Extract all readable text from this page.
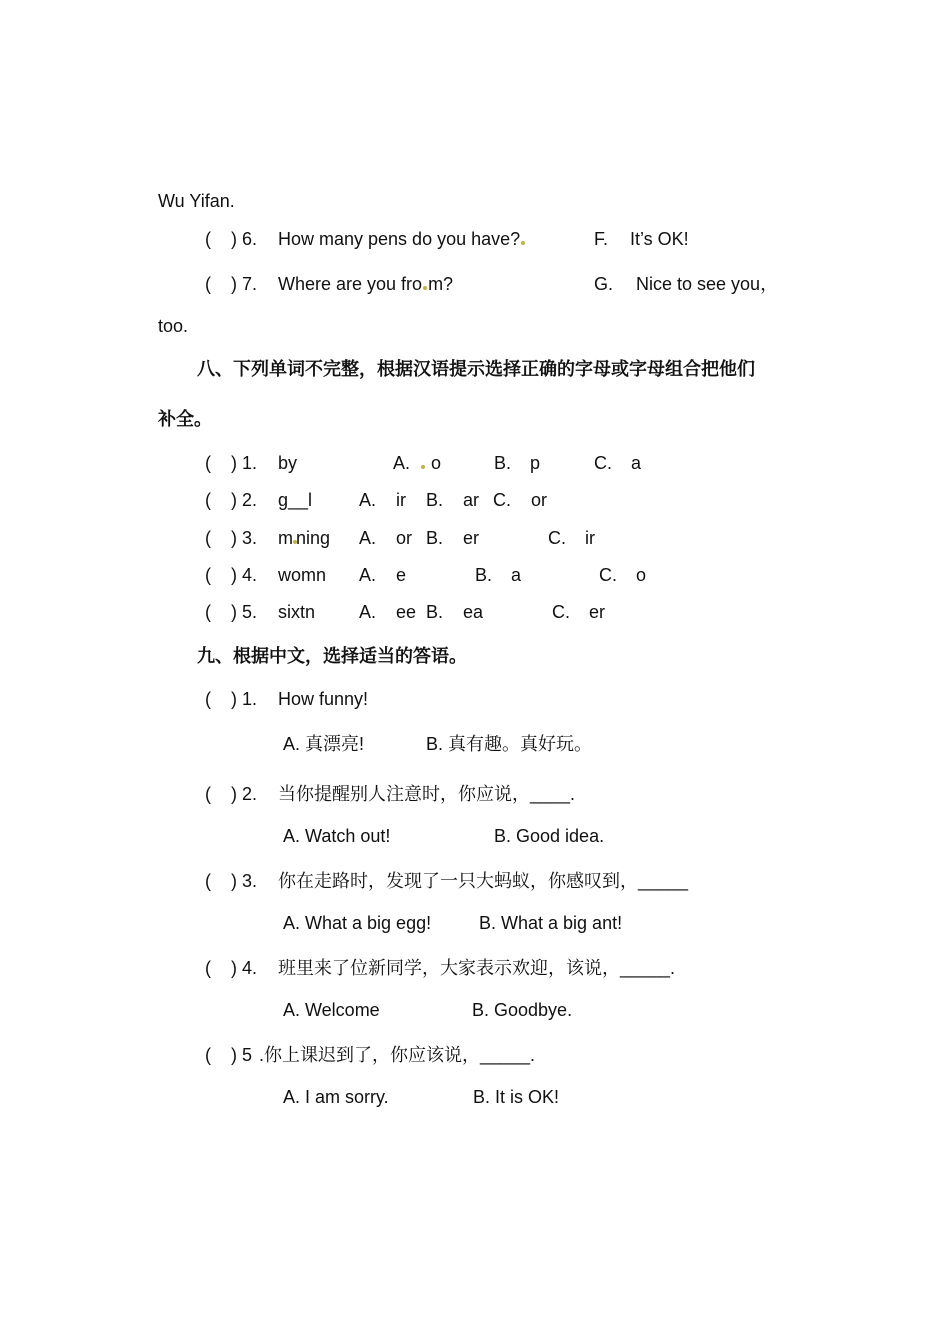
Wu Yifan.
( ) 6. How many pens do you have?	F. It’s OK!
( ) 7. Where are you fro m?	G. Nice to see you，
too.
八、下列单词不完整，根据汉语提示选择正确的字母或字母组合把他们
补全。
( ) 1. by	A.	o	B. p	C. a
( ) 2. g__l	A. ir B. ar C. or
( ) 3. m ning A. or B. er	C. ir
( ) 4. womn A. e	B. a	C. o
( ) 5. sixtn A. ee B. ea	C. er
九、根据中文，选择适当的答语。
( ) 1. How funny!
A. 真漂亮!	B. 真有趣。真好玩。
( ) 2. 当你提醒别人注意时，你应说，____.
A. Watch out!	B. Good idea.
( ) 3. 你在走路时，发现了一只大蚂蚁，你感叹到，_____
A. What a big egg!	B. What a big ant!
( ) 4. 班里来了位新同学，大家表示欢迎，该说，_____.
A. Welcome	B. Goodbye.
( ) 5 .你上课迟到了，你应该说，_____.
A. I am sorry.	B. It is OK!
